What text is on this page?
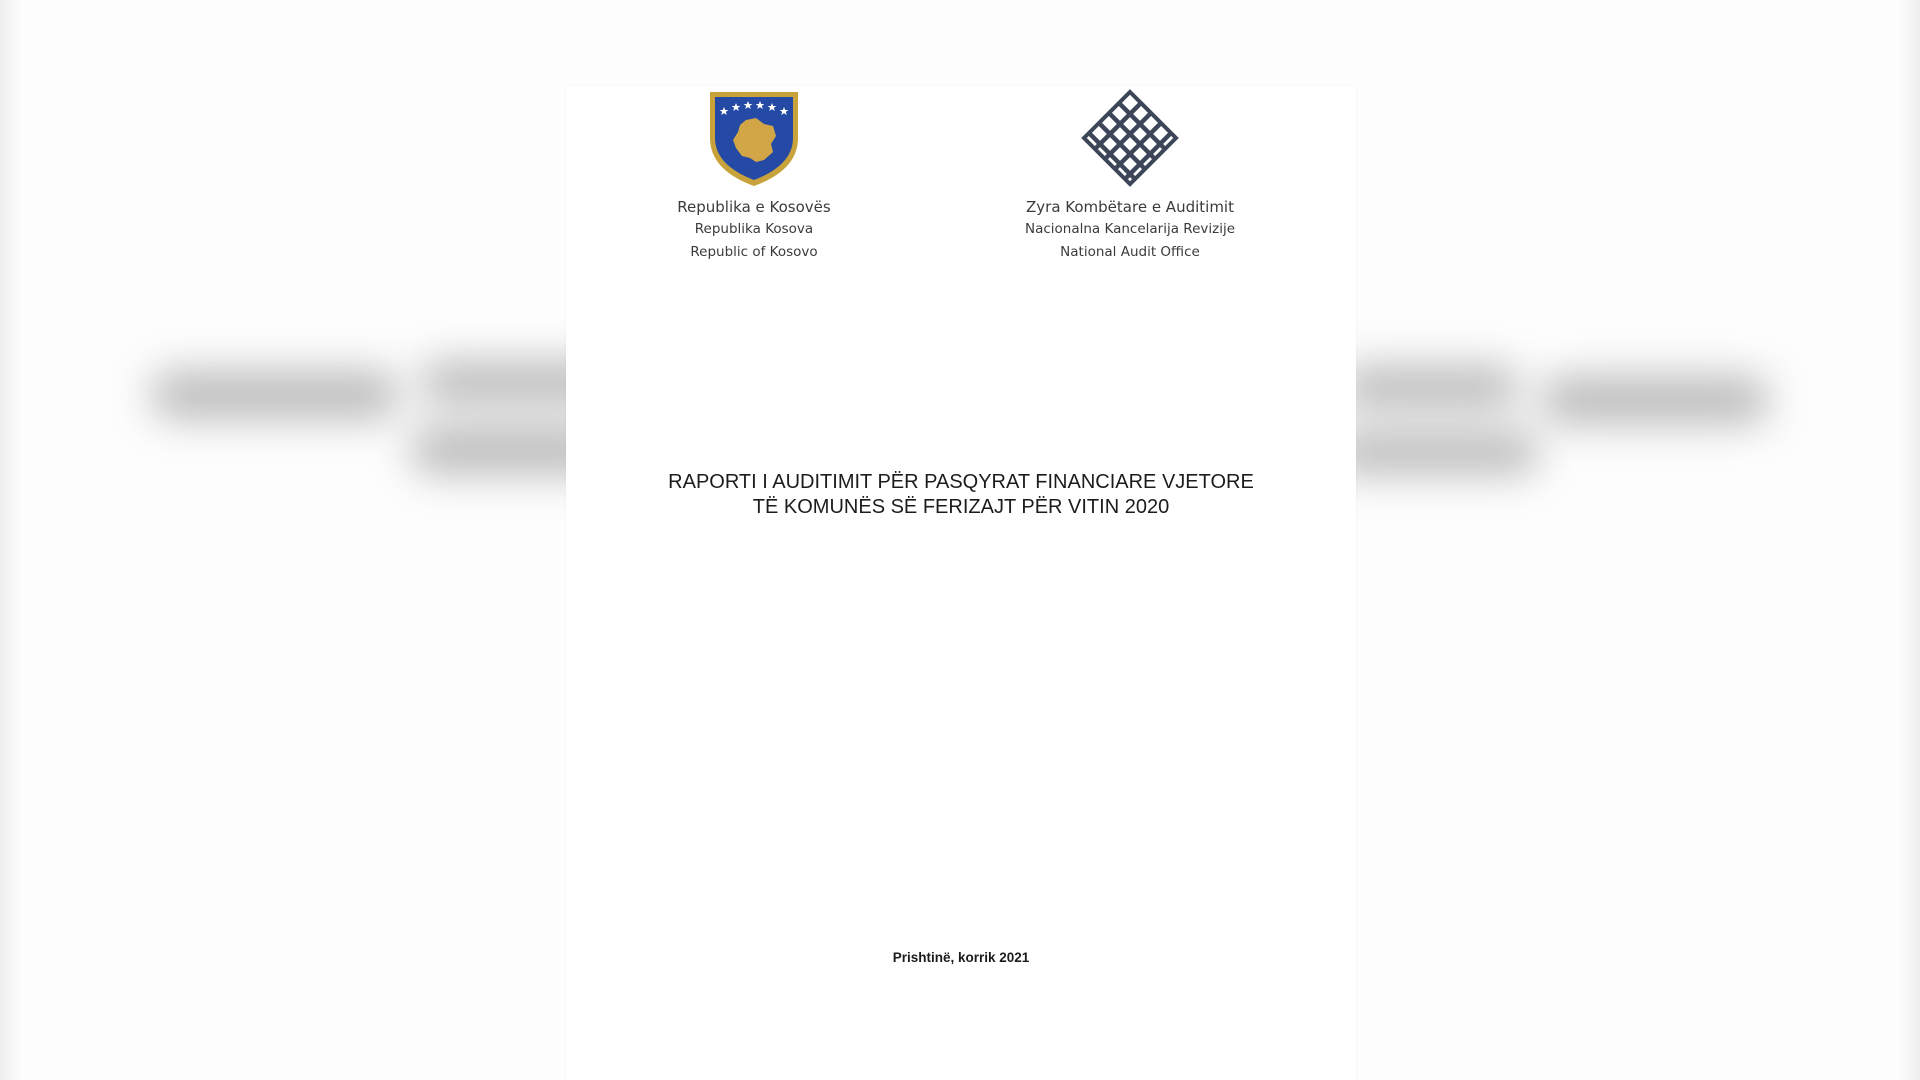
Republika e Kosovës
Republika Kosova
Republic of Kosovo
Zyra Kombëtare e Auditimit
Nacionalna Kancelarija Revizije
National Audit Office
RAPORTI I AUDITIMIT PËR PASQYRAT FINANCIARE VJETORE
TË KOMUNËS SË FERIZAJT PËR VITIN 2020
Prishtinë, korrik 2021
